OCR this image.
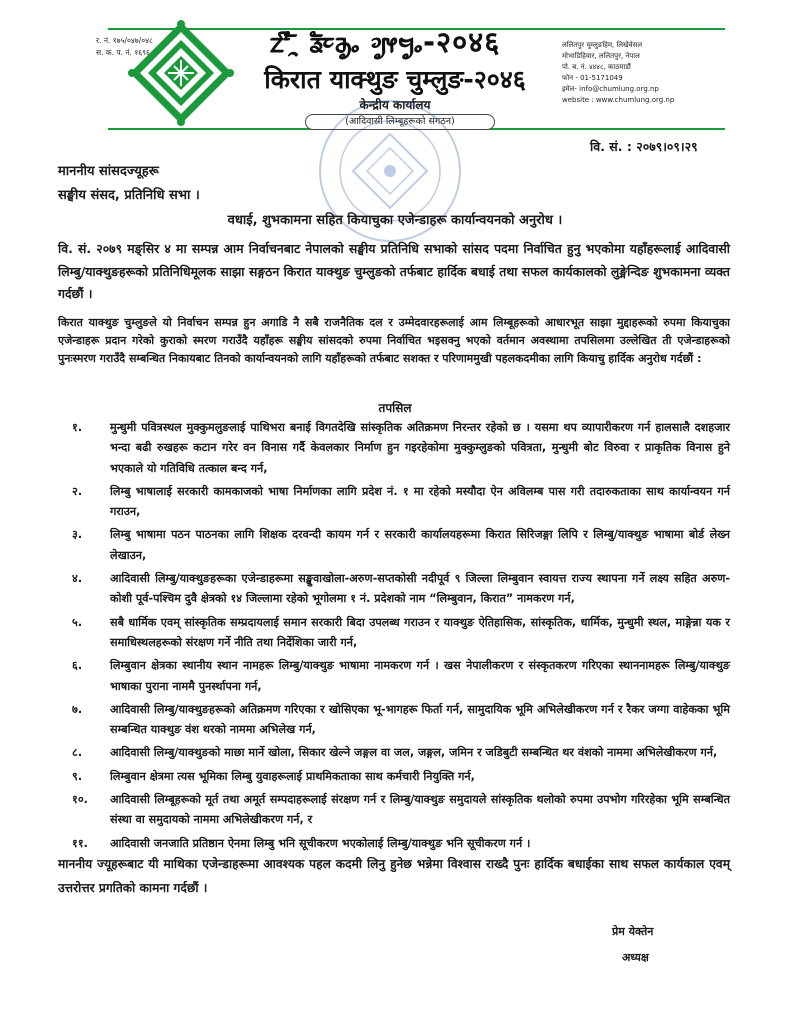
र. नं. १७५/०४७/०४८
स. क. प. नं. १६९६	ᤁᤡᤳᤠ ᤕᤠᤰᤌᤢᤱ ᤆᤢᤶᤗᤢᤱ-२०४६
किरात याक्थुङ चुम्लुङ-२०४६
केन्द्रीय कार्यालय
(आदिवासी लिम्बूहरूको संगठन)
ललितपुर चुम्लुङहिम, लिखेवेसल
मोभाडिहिवार, ललितपुर, नेपाल
पो. ब. नं. ४४४८, काठमाडौं
फोन - 01-5171049
इमेल- info@chumlung.org.np
website : www.chumlung.org.np
वि. सं. : २०७९।०९।२९
माननीय सांसदज्यूहरू
सङ्घीय संसद, प्रतिनिधि सभा ।
वधाई, शुभकामना सहित कियाचुका एजेन्डाहरू कार्यान्वयनको अनुरोध ।

वि. सं. २०७९ मङ्सिर ४ मा सम्पन्न आम निर्वाचनबाट नेपालको सङ्घीय प्रतिनिधि सभाको सांसद पदमा निर्वाचित हुनु भएकोमा यहाँहरूलाई आदिवासी लिम्बु/याक्थुङहरूको प्रतिनिधिमूलक साझा सङ्गठन किरात याक्थुङ चुम्लुङको तर्फबाट हार्दिक बधाई तथा सफल कार्यकालको लुङ्मेन्दिङ शुभकामना व्यक्त गर्दछौं ।

किरात याक्थुङ चुम्लुङले यो निर्वाचन सम्पन्न हुन अगाडि नै सबै राजनैतिक दल र उम्मेदवारहरूलाई आम लिम्बूहरूको आधारभूत साझा मुद्दाहरूको रुपमा कियाचुका एजेन्डाहरू प्रदान गरेको कुराको स्मरण गराउँदै यहाँहरू सङ्घीय सांसदको रुपमा निर्वाचित भइसक्नु भएको वर्तमान अवस्थामा तपसिलमा उल्लेखित ती एजेन्डाहरूको पुनःस्मरण गराउँदै सम्बन्धित निकायबाट तिनको कार्यान्वयनको लागि यहाँहरूको तर्फबाट सशक्त र परिणाममुखी पहलकदमीका लागि कियाचु हार्दिक अनुरोध गर्दछौं :

तपसिल
१.	मुन्धुमी पवित्रस्थल मुक्कुमलुङलाई पाथिभरा बनाई विगतदेखि सांस्कृतिक अतिक्रमण निरन्तर रहेको छ । यसमा थप व्यापारीकरण गर्न हालसालै दशहजार भन्दा बढी रुखहरू कटान गरेर वन विनास गर्दै केवलकार निर्माण हुन गइरहेकोमा मुक्कुम्लुङको पवित्रता, मुन्धुमी बोट विरुवा र प्राकृतिक विनास हुने भएकाले यो गतिविधि तत्काल बन्द गर्न,
२.	लिम्बु भाषालाई सरकारी कामकाजको भाषा निर्माणका लागि प्रदेश नं. १ मा रहेको मस्यौदा ऐन अविलम्ब पास गरी तदारुकताका साथ कार्यान्वयन गर्न गराउन,
३.	लिम्बु भाषामा पठन पाठनका लागि शिक्षक दरवन्दी कायम गर्न र सरकारी कार्यालयहरूमा किरात सिरिजङ्गा लिपि र लिम्बु/याक्थुङ भाषामा बोर्ड लेख्न लेखाउन,
४.	आदिवासी लिम्बु/याक्थुङहरूका एजेन्डाहरूमा सङ्खुवाखोला-अरुण-सप्तकोसी नदीपूर्व ९ जिल्ला लिम्बुवान स्वायत्त राज्य स्थापना गर्ने लक्ष्य सहित अरुण-कोशी पूर्व-पश्चिम दुवै क्षेत्रको १४ जिल्लामा रहेको भूगोलमा १ नं. प्रदेशको नाम “लिम्बुवान, किरात” नामकरण गर्न,
५.	सबै धार्मिक एवम् सांस्कृतिक सम्प्रदायलाई समान सरकारी बिदा उपलब्ध गराउन र याक्थुङ ऐतिहासिक, सांस्कृतिक, धार्मिक, मुन्धुमी स्थल, माङ्गेन्ना यक र समाधिस्थलहरूको संरक्षण गर्ने नीति तथा निर्देशिका जारी गर्न,
६.	लिम्बुवान क्षेत्रका स्थानीय स्थान नामहरू लिम्बु/याक्थुङ भाषामा नामकरण गर्न । खस नेपालीकरण र संस्कृतकरण गरिएका स्थाननामहरू लिम्बु/याक्थुङ भाषाका पुराना नाममै पुनर्स्थापना गर्न,
७.	आदिवासी लिम्बु/याक्थुङहरूको अतिक्रमण गरिएका र खोसिएका भू-भागहरू फिर्ता गर्न, सामुदायिक भूमि अभिलेखीकरण गर्न र रैकर जग्गा वाहेकका भूमि सम्बन्धित याक्थुङ वंश थरको नाममा अभिलेख गर्न,
८.	आदिवासी लिम्बु/याक्थुङको माछा मार्ने खोला, सिकार खेल्ने जङ्गल वा जल, जङ्गल, जमिन र जडिबुटी सम्बन्धित थर वंशको नाममा अभिलेखीकरण गर्न,
९.	लिम्बुवान क्षेत्रमा त्यस भूमिका लिम्बु युवाहरूलाई प्राथमिकताका साथ कर्मचारी नियुक्ति गर्न,
१०.	आदिवासी लिम्बूहरूको मूर्त तथा अमूर्त सम्पदाहरूलाई संरक्षण गर्न र लिम्बु/याक्थुङ समुदायले सांस्कृतिक थलोको रुपमा उपभोग गरिरहेका भूमि सम्बन्धित संस्था वा समुदायको नाममा अभिलेखीकरण गर्न, र
११.	आदिवासी जनजाति प्रतिष्ठान ऐनमा लिम्बु भनि सूचीकरण भएकोलाई लिम्बु/याक्थुङ भनि सूचीकरण गर्न ।

माननीय ज्यूहरूबाट यी माथिका एजेन्डाहरूमा आवश्यक पहल कदमी लिनु हुनेछ भन्नेमा विश्वास राख्दै पुनः हार्दिक बधाईका साथ सफल कार्यकाल एवम् उत्तरोत्तर प्रगतिको कामना गर्दछौं ।

प्रेम येक्तेन
अध्यक्ष
